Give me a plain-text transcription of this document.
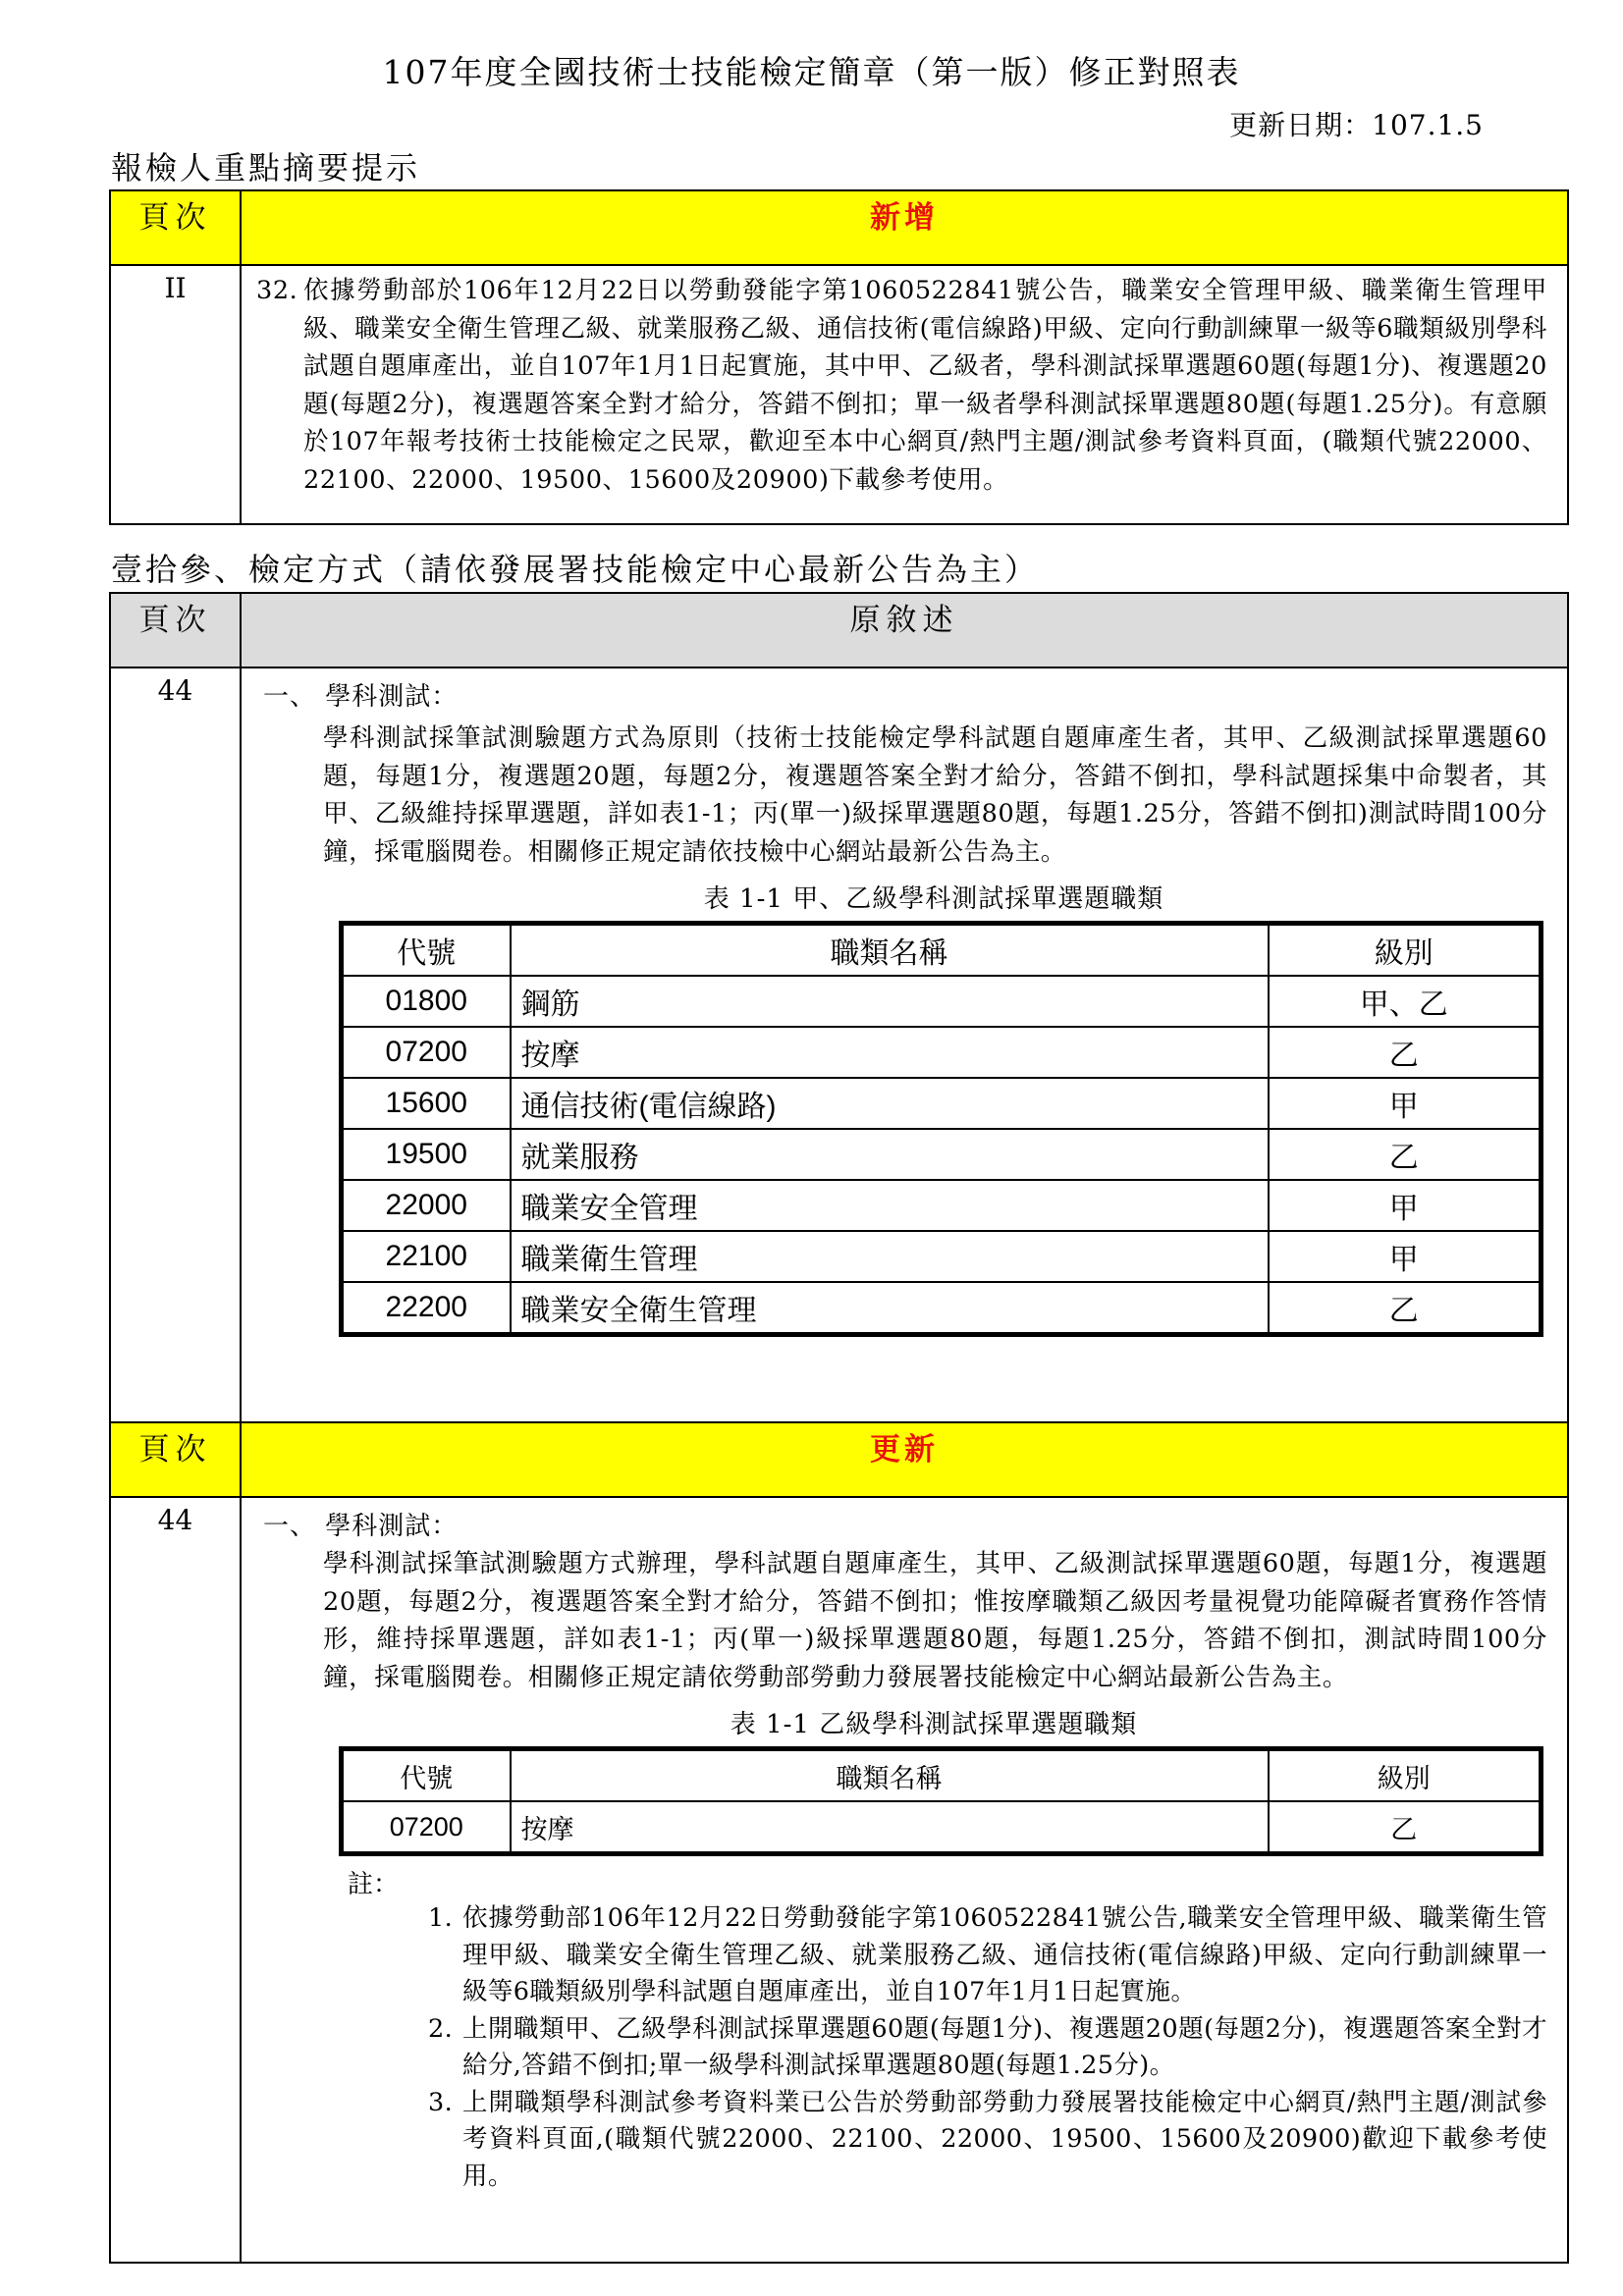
107年度全國技術士技能檢定簡章（第一版）修正對照表
更新日期：107.1.5
報檢人重點摘要提示
頁次	新增
II	32. 依據勞動部於106年12月22日以勞動發能字第1060522841號公告，職業安全管理甲級、職業衛生管理甲級、職業安全衛生管理乙級、就業服務乙級、通信技術(電信線路)甲級、定向行動訓練單一級等6職類級別學科試題自題庫產出，並自107年1月1日起實施，其中甲、乙級者，學科測試採單選題60題(每題1分)、複選題20題(每題2分)，複選題答案全對才給分，答錯不倒扣；單一級者學科測試採單選題80題(每題1.25分)。有意願於107年報考技術士技能檢定之民眾，歡迎至本中心網頁/熱門主題/測試參考資料頁面，(職類代號22000、22100、22000、19500、15600及20900)下載參考使用。
壹拾參、檢定方式（請依發展署技能檢定中心最新公告為主）
頁次	原敘述
44	一、 學科測試：
學科測試採筆試測驗題方式為原則（技術士技能檢定學科試題自題庫產生者，其甲、乙級測試採單選題60題，每題1分，複選題20題，每題2分，複選題答案全對才給分，答錯不倒扣，學科試題採集中命製者，其甲、乙級維持採單選題，詳如表1-1；丙(單一)級採單選題80題，每題1.25分，答錯不倒扣)測試時間100分鐘，採電腦閱卷。相關修正規定請依技檢中心網站最新公告為主。
表 1-1 甲、乙級學科測試採單選題職類
代號	職類名稱	級別
01800	鋼筋	甲、乙
07200	按摩	乙
15600	通信技術(電信線路)	甲
19500	就業服務	乙
22000	職業安全管理	甲
22100	職業衛生管理	甲
22200	職業安全衛生管理	乙

頁次	更新
44	一、 學科測試：
學科測試採筆試測驗題方式辦理，學科試題自題庫產生，其甲、乙級測試採單選題60題，每題1分，複選題20題，每題2分，複選題答案全對才給分，答錯不倒扣；惟按摩職類乙級因考量視覺功能障礙者實務作答情形，維持採單選題，詳如表1-1；丙(單一)級採單選題80題，每題1.25分，答錯不倒扣，測試時間100分鐘，採電腦閱卷。相關修正規定請依勞動部勞動力發展署技能檢定中心網站最新公告為主。
表 1-1 乙級學科測試採單選題職類
代號	職類名稱	級別
07200	按摩	乙
註：
1. 依據勞動部106年12月22日勞動發能字第1060522841號公告,職業安全管理甲級、職業衛生管理甲級、職業安全衛生管理乙級、就業服務乙級、通信技術(電信線路)甲級、定向行動訓練單一級等6職類級別學科試題自題庫產出，並自107年1月1日起實施。
2. 上開職類甲、乙級學科測試採單選題60題(每題1分)、複選題20題(每題2分)，複選題答案全對才給分,答錯不倒扣;單一級學科測試採單選題80題(每題1.25分)。
3. 上開職類學科測試參考資料業已公告於勞動部勞動力發展署技能檢定中心網頁/熱門主題/測試參考資料頁面,(職類代號22000、22100、22000、19500、15600及20900)歡迎下載參考使用。
